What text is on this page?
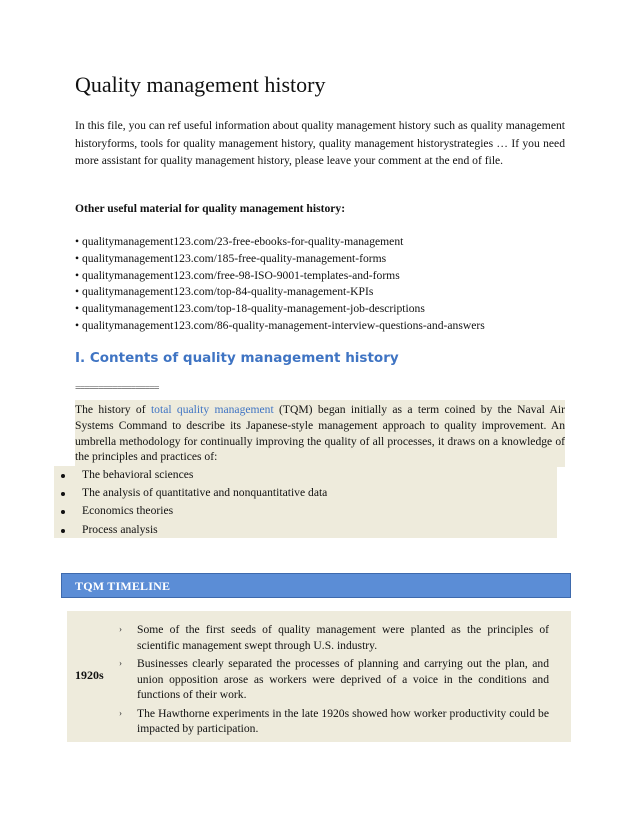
Quality management history

In this file, you can ref useful information about quality management history such as quality management historyforms, tools for quality management history, quality management historystrategies … If you need more assistant for quality management history, please leave your comment at the end of file.

Other useful material for quality management history:

• qualitymanagement123.com/23-free-ebooks-for-quality-management
• qualitymanagement123.com/185-free-quality-management-forms
• qualitymanagement123.com/free-98-ISO-9001-templates-and-forms
• qualitymanagement123.com/top-84-quality-management-KPIs
• qualitymanagement123.com/top-18-quality-management-job-descriptions
• qualitymanagement123.com/86-quality-management-interview-questions-and-answers
I. Contents of quality management history

==================

The history of total quality management (TQM) began initially as a term coined by the Naval Air Systems Command to describe its Japanese-style management approach to quality improvement. An umbrella methodology for continually improving the quality of all processes, it draws on a knowledge of the principles and practices of:
The behavioral sciences
The analysis of quantitative and nonquantitative data
Economics theories
Process analysis
TQM TIMELINE
1920s
› Some of the first seeds of quality management were planted as the principles of scientific management swept through U.S. industry.
› Businesses clearly separated the processes of planning and carrying out the plan, and union opposition arose as workers were deprived of a voice in the conditions and functions of their work.
› The Hawthorne experiments in the late 1920s showed how worker productivity could be impacted by participation.
